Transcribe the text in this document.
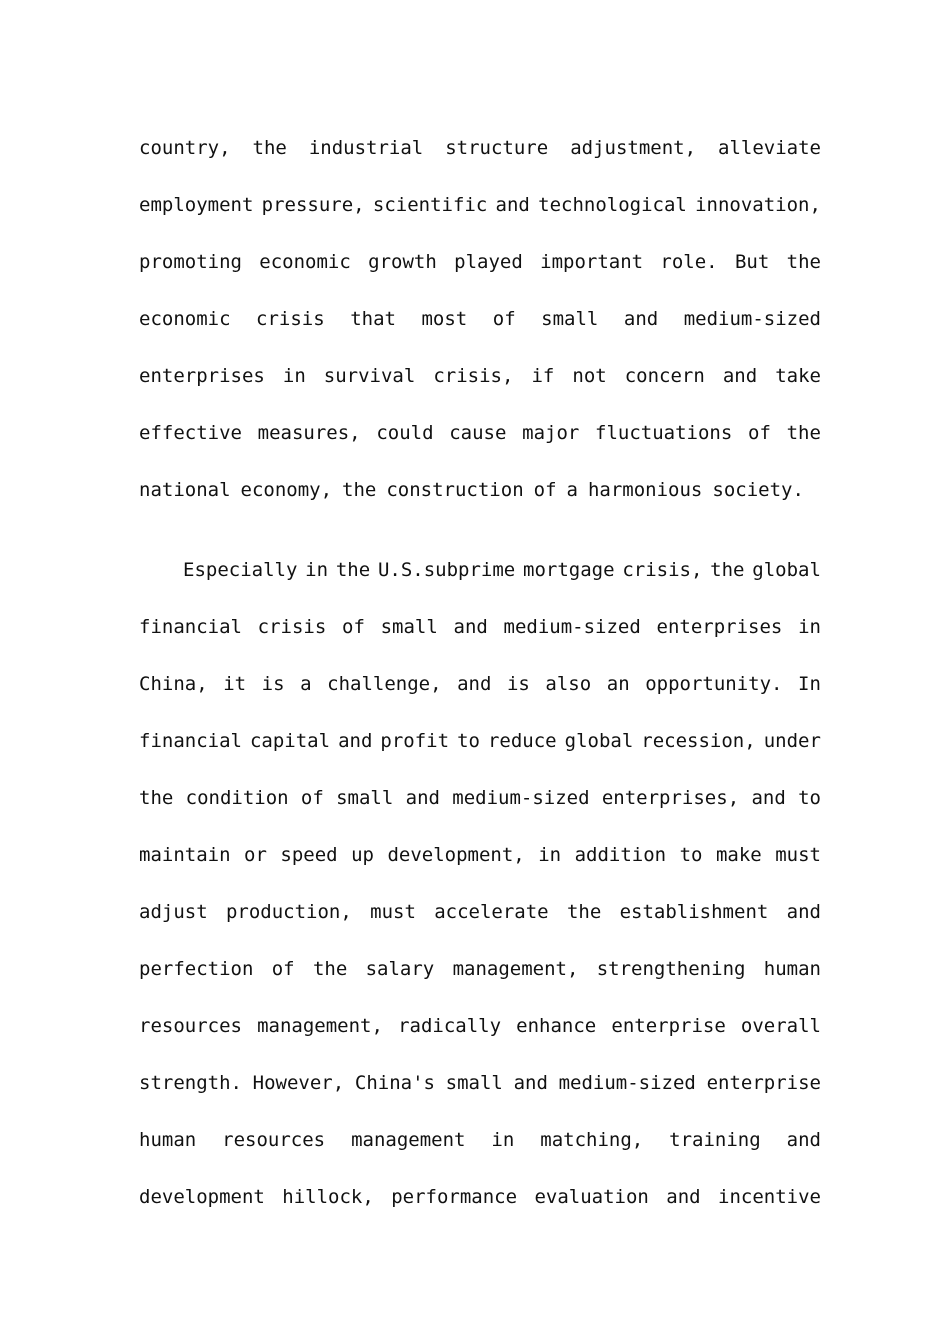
country, the industrial structure adjustment, alleviate
employment pressure, scientific and technological innovation,
promoting economic growth played important role. But the
economic crisis that most of small and medium-sized
enterprises in survival crisis, if not concern and take
effective measures, could cause major fluctuations of the
national economy, the construction of a harmonious society.
Especially in the U.S.subprime mortgage crisis, the global
financial crisis of small and medium-sized enterprises in
China, it is a challenge, and is also an opportunity. In
financial capital and profit to reduce global recession, under
the condition of small and medium-sized enterprises, and to
maintain or speed up development, in addition to make must
adjust production, must accelerate the establishment and
perfection of the salary management, strengthening human
resources management, radically enhance enterprise overall
strength. However, China's small and medium-sized enterprise
human resources management in matching, training and
development hillock, performance evaluation and incentive
